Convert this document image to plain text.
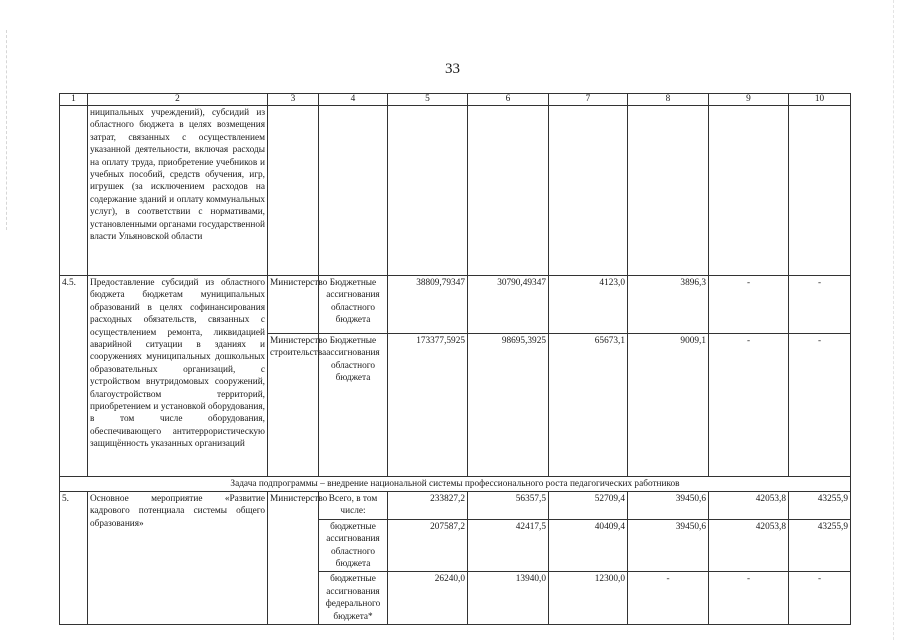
33
1	2	3	4	5	6	7	8	9	10
	ниципальных учреждений), субсидий из областного бюджета в целях возмещения затрат, связанных с осуществлением указанной деятельности, включая расходы на оплату труда, приобретение учебников и учебных пособий, средств обучения, игр, игрушек (за исключением расходов на содержание зданий и оплату коммунальных услуг), в соответствии с нормативами, установленными органами государственной власти Ульяновской области								
4.5.	Предоставление субсидий из областного бюджета бюджетам муниципальных образований в целях софинансирования расходных обязательств, связанных с осуществлением ремонта, ликвидацией аварийной ситуации в зданиях и сооружениях муниципальных дошкольных образовательных организаций, с устройством внутридомовых сооружений, благоустройством территорий, приобретением и установкой оборудования, в том числе оборудования, обеспечивающего антитеррористическую защищённость указанных организаций	Министерство	Бюджетные ассигнования областного бюджета	38809,79347	30790,49347	4123,0	3896,3	-	-
		Министерство строительства	Бюджетные ассигнования областного бюджета	173377,5925	98695,3925	65673,1	9009,1	-	-
Задача подпрограммы – внедрение национальной системы профессионального роста педагогических работников									
5.	Основное мероприятие «Развитие кадрового потенциала системы общего образования»	Министерство	Всего, в том числе:	233827,2	56357,5	52709,4	39450,6	42053,8	43255,9
			бюджетные ассигнования областного бюджета	207587,2	42417,5	40409,4	39450,6	42053,8	43255,9
			бюджетные ассигнования федерального бюджета*	26240,0	13940,0	12300,0	-	-	-
